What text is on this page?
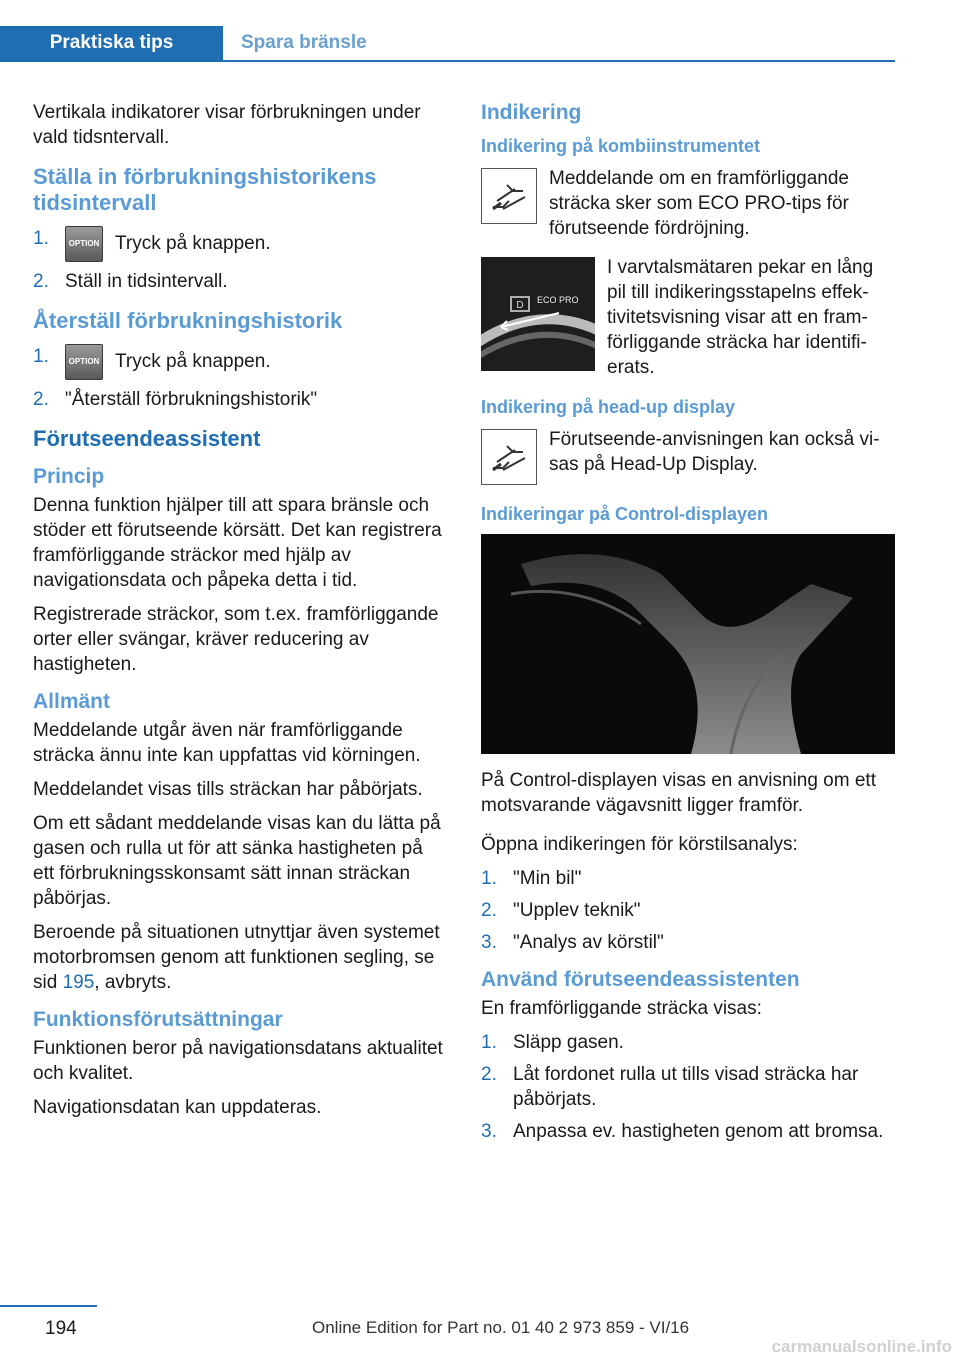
Praktiska tips	Spara bränsle

Vertikala indikatorer visar förbrukningen under vald tidsntervall.

Ställa in förbrukningshistorikens tidsintervall
1. OPTION Tryck på knappen.
2. Ställ in tidsintervall.
Återställ förbrukningshistorik
1. OPTION Tryck på knappen.
2. "Återställ förbrukningshistorik"
Förutseendeassistent
Princip

Denna funktion hjälper till att spara bränsle och stöder ett förutseende körsätt. Det kan registrera framförliggande sträckor med hjälp av navigationsdata och påpeka detta i tid.

Registrerade sträckor, som t.ex. framförliggande orter eller svängar, kräver reducering av hastigheten.

Allmänt

Meddelande utgår även när framförliggande sträcka ännu inte kan uppfattas vid körningen.

Meddelandet visas tills sträckan har påbörjats.

Om ett sådant meddelande visas kan du lätta på gasen och rulla ut för att sänka hastigheten på ett förbrukningsskonsamt sätt innan sträckan påbörjas.

Beroende på situationen utnyttjar även systemet motorbromsen genom att funktionen segling, se sid 195, avbryts.

Funktionsförutsättningar

Funktionen beror på navigationsdatans aktualitet och kvalitet.

Navigationsdatan kan uppdateras.

Indikering
Indikering på kombiinstrumentet
Meddelande om en framförliggande sträcka sker som ECO PRO-tips för förutseende fördröjning.
D ECO PRO
I varvtalsmätaren pekar en lång pil till indikeringsstapelns effektivitetsvisning visar att en framförliggande sträcka har identifierats.
Indikering på head-up display
Förutseende-anvisningen kan också visas på Head-Up Display.
Indikeringar på Control-displayen

På Control-displayen visas en anvisning om ett motsvarande vägavsnitt ligger framför.

Öppna indikeringen för körstilsanalys:

1. "Min bil"
2. "Upplev teknik"
3. "Analys av körstil"
Använd förutseendeassistenten

En framförliggande sträcka visas:

1. Släpp gasen.
2. Låt fordonet rulla ut tills visad sträcka har påbörjats.
3. Anpassa ev. hastigheten genom att bromsa.
194	Online Edition for Part no. 01 40 2 973 859 - VI/16
carmanualsonline.info
